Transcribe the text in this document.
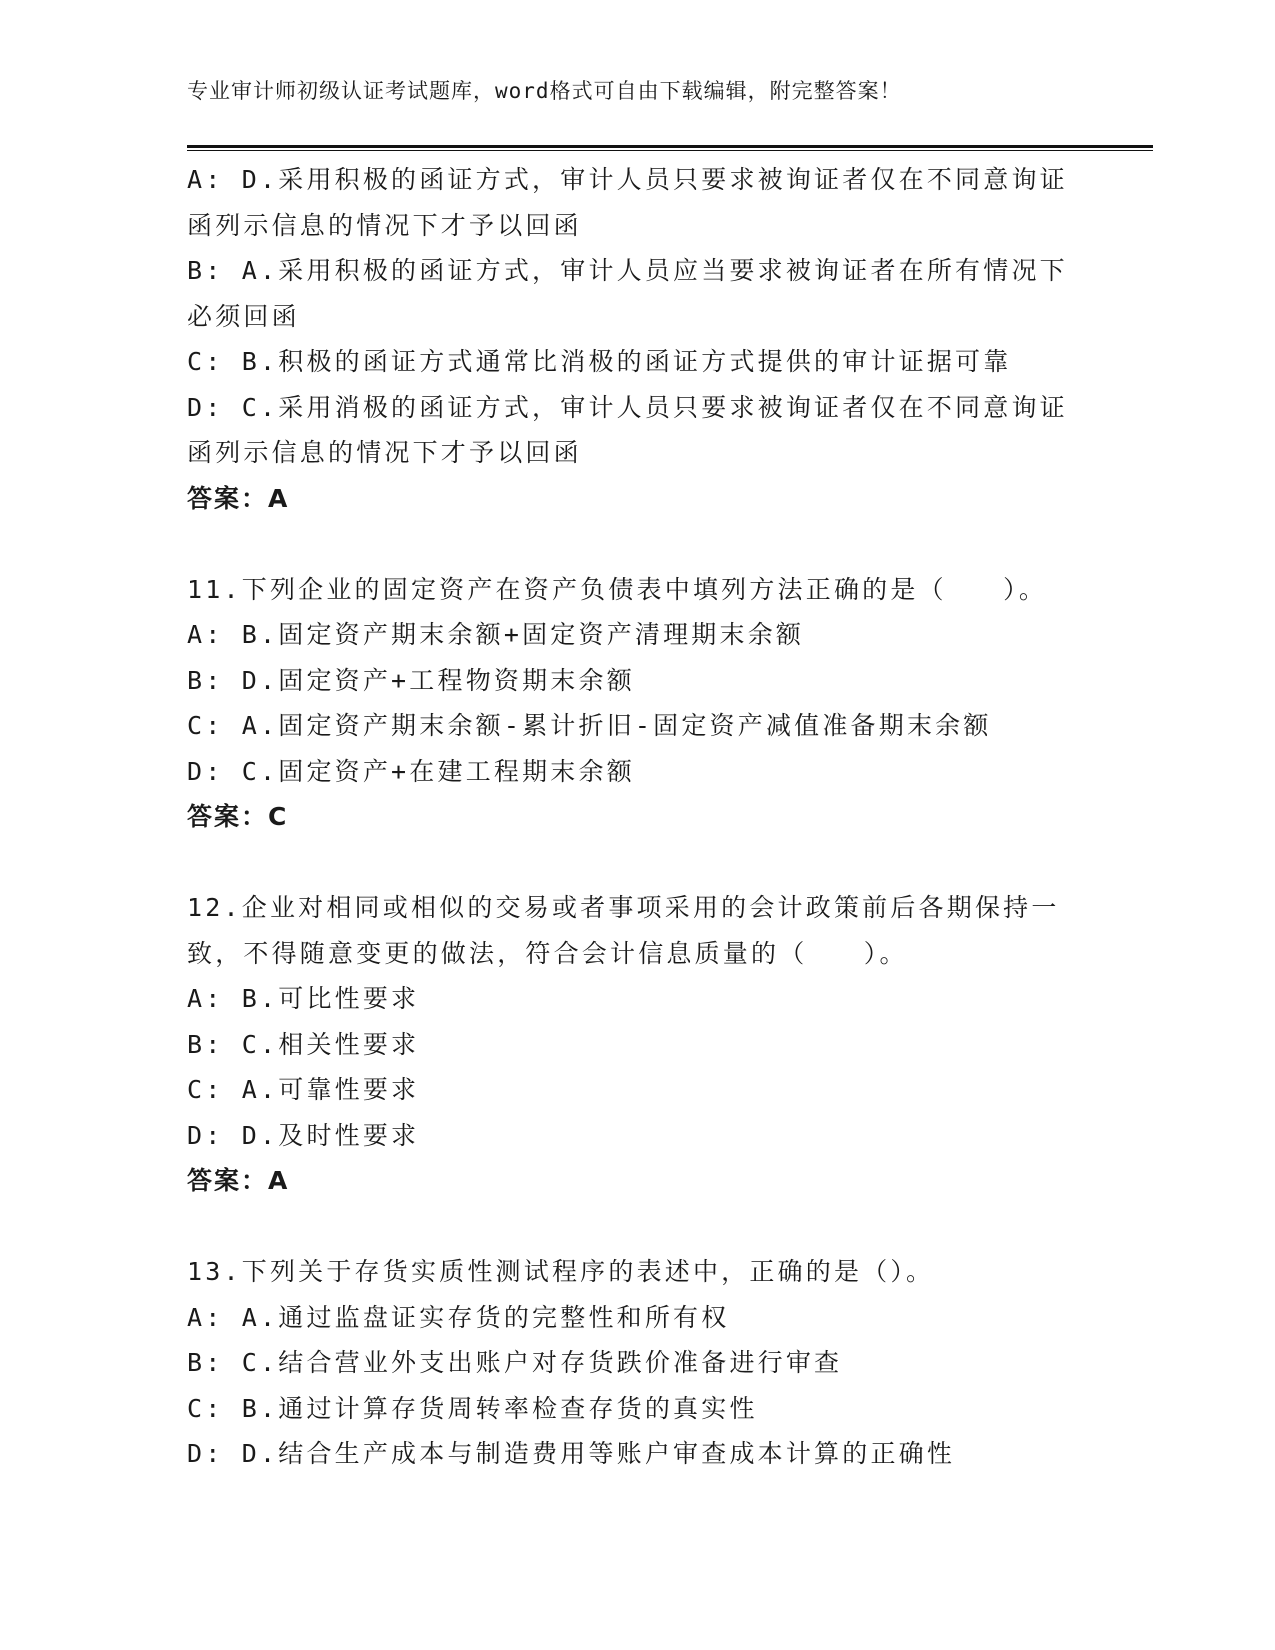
专业审计师初级认证考试题库，word格式可自由下载编辑，附完整答案！
A: D.采用积极的函证方式，审计人员只要求被询证者仅在不同意询证函列示信息的情况下才予以回函
B: A.采用积极的函证方式，审计人员应当要求被询证者在所有情况下必须回函
C: B.积极的函证方式通常比消极的函证方式提供的审计证据可靠
D: C.采用消极的函证方式，审计人员只要求被询证者仅在不同意询证函列示信息的情况下才予以回函
答案：A
11.下列企业的固定资产在资产负债表中填列方法正确的是（　　）。
A: B.固定资产期末余额+固定资产清理期末余额
B: D.固定资产+工程物资期末余额
C: A.固定资产期末余额-累计折旧-固定资产减值准备期末余额
D: C.固定资产+在建工程期末余额
答案：C
12.企业对相同或相似的交易或者事项采用的会计政策前后各期保持一致，不得随意变更的做法，符合会计信息质量的（　　）。
A: B.可比性要求
B: C.相关性要求
C: A.可靠性要求
D: D.及时性要求
答案：A
13.下列关于存货实质性测试程序的表述中，正确的是（）。
A: A.通过监盘证实存货的完整性和所有权
B: C.结合营业外支出账户对存货跌价准备进行审查
C: B.通过计算存货周转率检查存货的真实性
D: D.结合生产成本与制造费用等账户审查成本计算的正确性
